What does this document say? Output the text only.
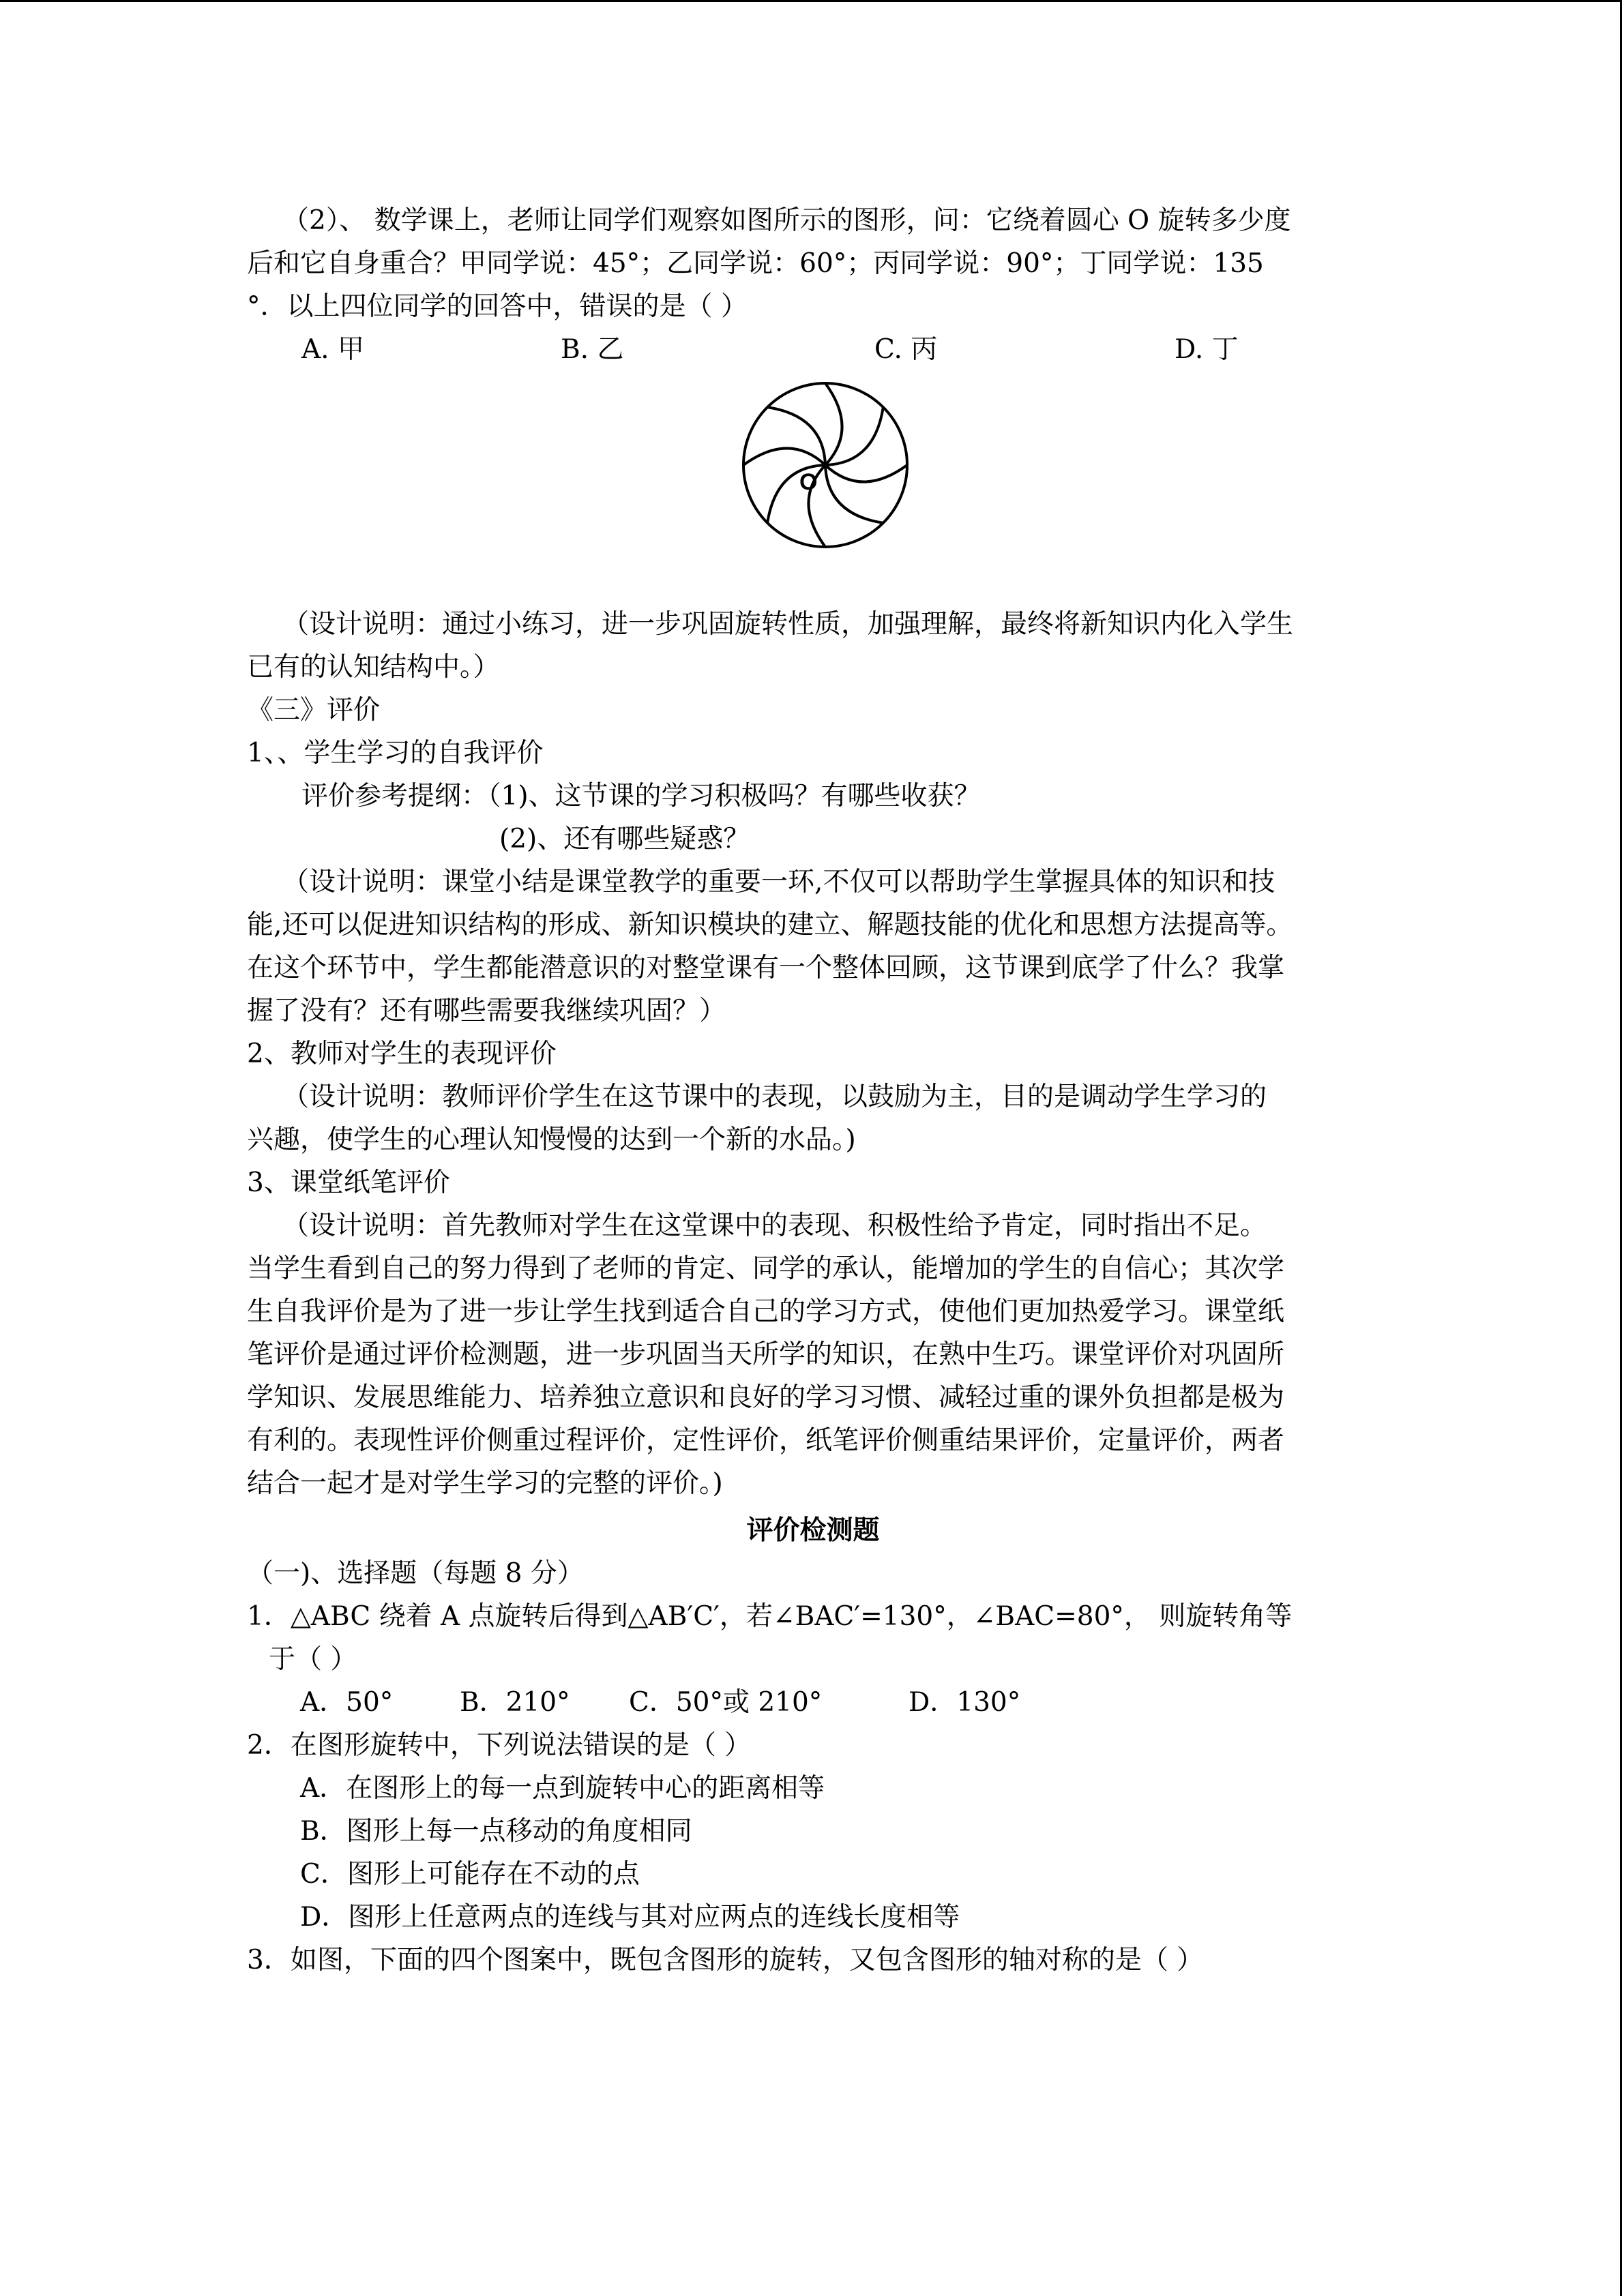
（2）、 数学课上，老师让同学们观察如图所示的图形，问：它绕着圆心 O 旋转多少度
后和它自身重合？甲同学说：45°；乙同学说：60°；丙同学说：90°；丁同学说：135
°．以上四位同学的回答中，错误的是（ ）
A. 甲	B. 乙	C. 丙	D. 丁
O
（设计说明：通过小练习，进一步巩固旋转性质，加强理解，最终将新知识内化入学生
已有的认知结构中。）
《三》评价
1、、学生学习的自我评价
评价参考提纲：（1)、这节课的学习积极吗？有哪些收获？
(2)、还有哪些疑惑？
（设计说明：课堂小结是课堂教学的重要一环,不仅可以帮助学生掌握具体的知识和技
能,还可以促进知识结构的形成、新知识模块的建立、解题技能的优化和思想方法提高等。
在这个环节中，学生都能潜意识的对整堂课有一个整体回顾，这节课到底学了什么？我掌
握了没有？还有哪些需要我继续巩固？）
2、教师对学生的表现评价
（设计说明：教师评价学生在这节课中的表现，以鼓励为主，目的是调动学生学习的
兴趣，使学生的心理认知慢慢的达到一个新的水品。)
3、课堂纸笔评价
（设计说明：首先教师对学生在这堂课中的表现、积极性给予肯定，同时指出不足。
当学生看到自己的努力得到了老师的肯定、同学的承认，能增加的学生的自信心；其次学
生自我评价是为了进一步让学生找到适合自己的学习方式，使他们更加热爱学习。课堂纸
笔评价是通过评价检测题，进一步巩固当天所学的知识，在熟中生巧。课堂评价对巩固所
学知识、发展思维能力、培养独立意识和良好的学习习惯、减轻过重的课外负担都是极为
有利的。表现性评价侧重过程评价，定性评价，纸笔评价侧重结果评价，定量评价，两者
结合一起才是对学生学习的完整的评价。)
评价检测题
（一)、选择题（每题 8 分）
1．△ABC 绕着 A 点旋转后得到△AB′C′，若∠BAC′=130°，∠BAC=80°， 则旋转角等
于（ ）
A．50°	B．210° C．50°或 210°	D．130°
2．在图形旋转中，下列说法错误的是（ ）
A．在图形上的每一点到旋转中心的距离相等
B．图形上每一点移动的角度相同
C．图形上可能存在不动的点
D．图形上任意两点的连线与其对应两点的连线长度相等
3．如图，下面的四个图案中，既包含图形的旋转，又包含图形的轴对称的是（ ）
